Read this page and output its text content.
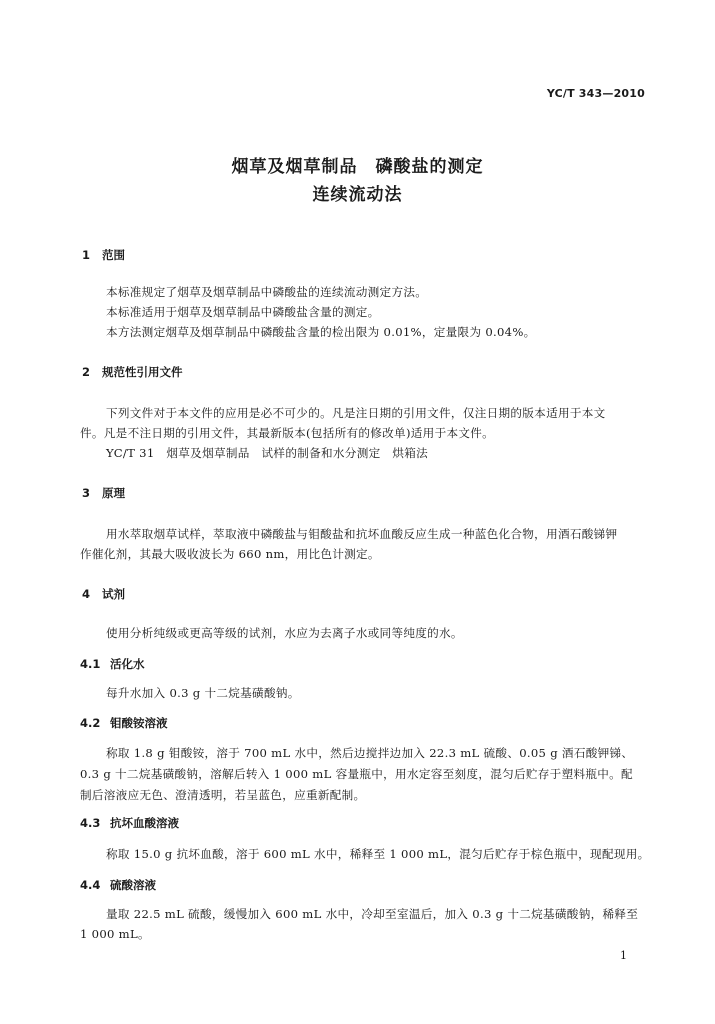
YC/T 343—2010
烟草及烟草制品　磷酸盐的测定
连续流动法
1 范围
本标准规定了烟草及烟草制品中磷酸盐的连续流动测定方法。
本标准适用于烟草及烟草制品中磷酸盐含量的测定。
本方法测定烟草及烟草制品中磷酸盐含量的检出限为 0.01%，定量限为 0.04%。
2 规范性引用文件
下列文件对于本文件的应用是必不可少的。凡是注日期的引用文件，仅注日期的版本适用于本文
件。凡是不注日期的引用文件，其最新版本(包括所有的修改单)适用于本文件。
YC/T 31　烟草及烟草制品　试样的制备和水分测定　烘箱法
3 原理
用水萃取烟草试样，萃取液中磷酸盐与钼酸盐和抗坏血酸反应生成一种蓝色化合物，用酒石酸锑钾
作催化剂，其最大吸收波长为 660 nm，用比色计测定。
4 试剂
使用分析纯级或更高等级的试剂，水应为去离子水或同等纯度的水。
4.1 活化水
每升水加入 0.3 g 十二烷基磺酸钠。
4.2 钼酸铵溶液
称取 1.8 g 钼酸铵，溶于 700 mL 水中，然后边搅拌边加入 22.3 mL 硫酸、0.05 g 酒石酸钾锑、
0.3 g 十二烷基磺酸钠，溶解后转入 1 000 mL 容量瓶中，用水定容至刻度，混匀后贮存于塑料瓶中。配
制后溶液应无色、澄清透明，若呈蓝色，应重新配制。
4.3 抗坏血酸溶液
称取 15.0 g 抗坏血酸，溶于 600 mL 水中，稀释至 1 000 mL，混匀后贮存于棕色瓶中，现配现用。
4.4 硫酸溶液
量取 22.5 mL 硫酸，缓慢加入 600 mL 水中，冷却至室温后，加入 0.3 g 十二烷基磺酸钠，稀释至
1 000 mL。
1
